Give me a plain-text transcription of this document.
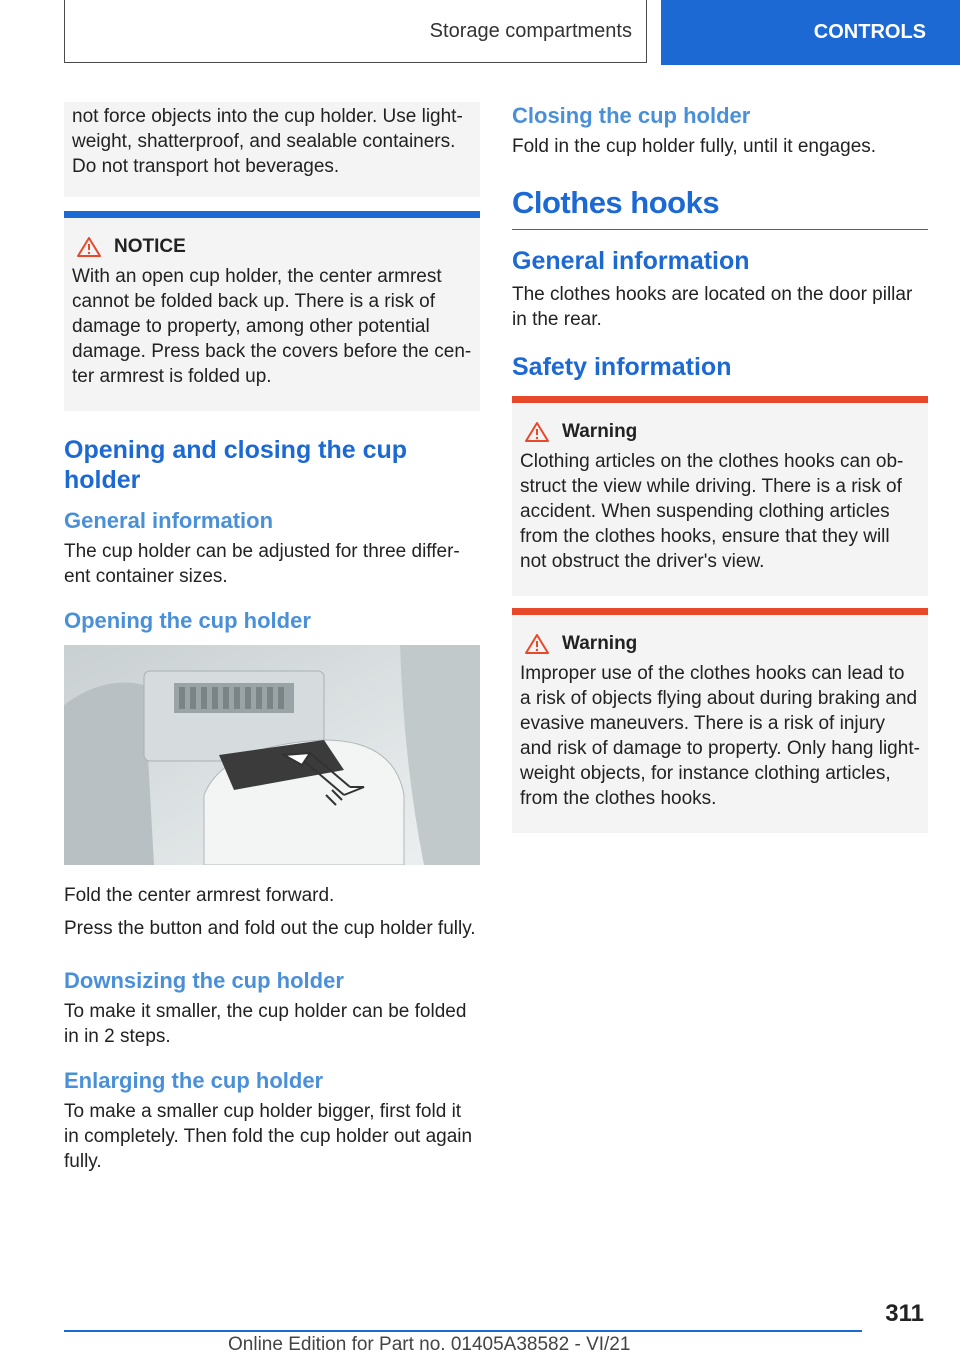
Storage compartments	CONTROLS

not force objects into the cup holder. Use light-weight, shatterproof, and sealable containers. Do not transport hot beverages.

NOTICE

With an open cup holder, the center armrest cannot be folded back up. There is a risk of damage to property, among other potential damage. Press back the covers before the cen-ter armrest is folded up.

Opening and closing the cup holder
General information

The cup holder can be adjusted for three differ-ent container sizes.

Opening the cup holder

Fold the center armrest forward.

Press the button and fold out the cup holder fully.

Downsizing the cup holder

To make it smaller, the cup holder can be folded in in 2 steps.

Enlarging the cup holder

To make a smaller cup holder bigger, first fold it in completely. Then fold the cup holder out again fully.

Closing the cup holder

Fold in the cup holder fully, until it engages.

Clothes hooks
General information

The clothes hooks are located on the door pillar in the rear.

Safety information
Warning

Clothing articles on the clothes hooks can ob-struct the view while driving. There is a risk of accident. When suspending clothing articles from the clothes hooks, ensure that they will not obstruct the driver's view.

Warning

Improper use of the clothes hooks can lead to a risk of objects flying about during braking and evasive maneuvers. There is a risk of injury and risk of damage to property. Only hang light-weight objects, for instance clothing articles, from the clothes hooks.

311
Online Edition for Part no. 01405A38582 - VI/21
